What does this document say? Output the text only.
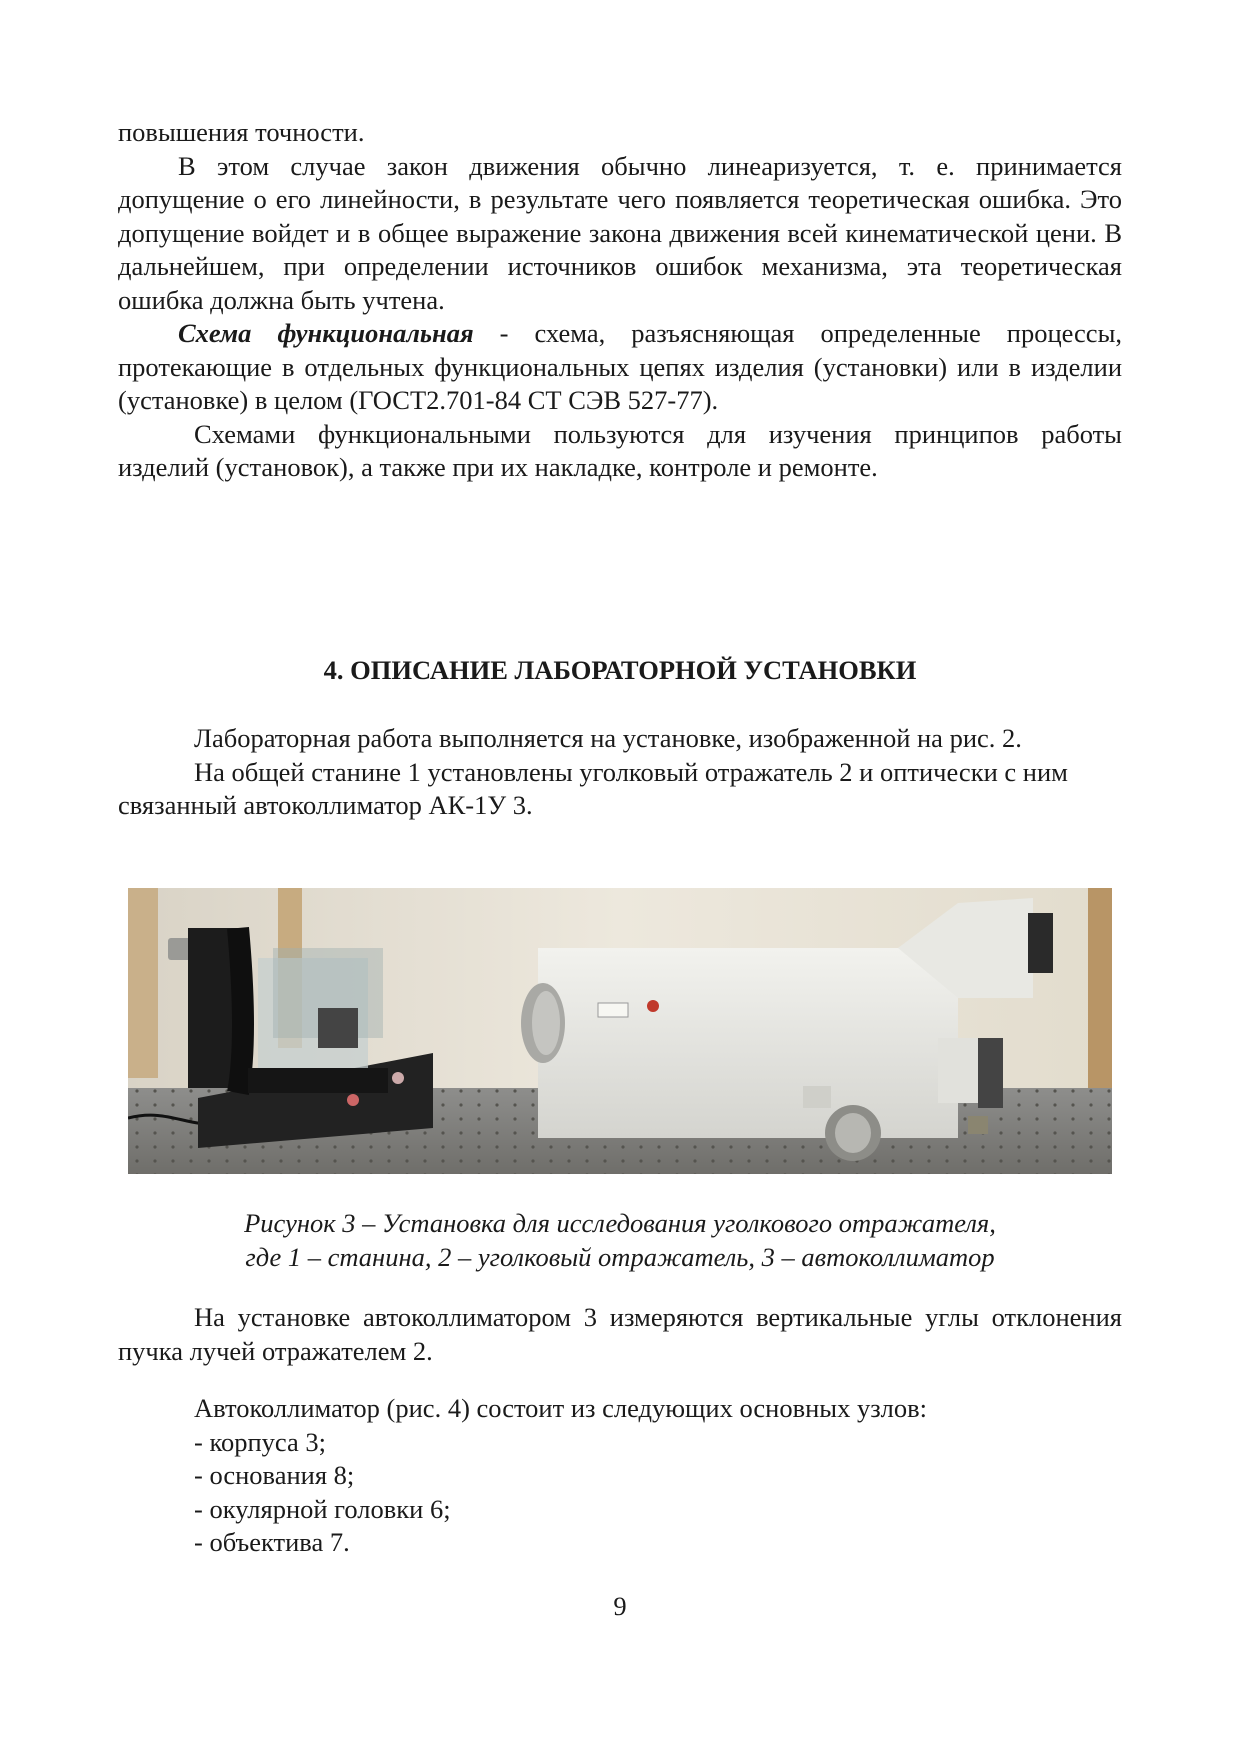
повышения точности.

В этом случае закон движения обычно линеаризуется, т. е. принимается допущение о его линейности, в результате чего появляется теоретическая ошибка. Это допущение войдет и в общее выражение закона движения всей кинематической цени. В дальнейшем, при определении источников ошибок механизма, эта теоретическая ошибка должна быть учтена.

Схема функциональная - схема, разъясняющая определенные процессы, протекающие в отдельных функциональных цепях изделия (установки) или в изделии (установке) в целом (ГОСТ2.701-84 СТ СЭВ 527-77).

Схемами функциональными пользуются для изучения принципов работы изделий (установок), а также при их накладке, контроле и ремонте.

4. ОПИСАНИЕ ЛАБОРАТОРНОЙ УСТАНОВКИ

Лабораторная работа выполняется на установке, изображенной на рис. 2.

На общей станине 1 установлены уголковый отражатель 2 и оптически с ним связанный автоколлиматор АК-1У 3.

Рисунок 3 – Установка для исследования уголкового отражателя,
где 1 – станина, 2 – уголковый отражатель, 3 – автоколлиматор

На установке автоколлиматором 3 измеряются вертикальные углы отклонения пучка лучей отражателем 2.

Автоколлиматор (рис. 4) состоит из следующих основных узлов:

- корпуса 3;

- основания 8;

- окулярной головки 6;

- объектива 7.

9
